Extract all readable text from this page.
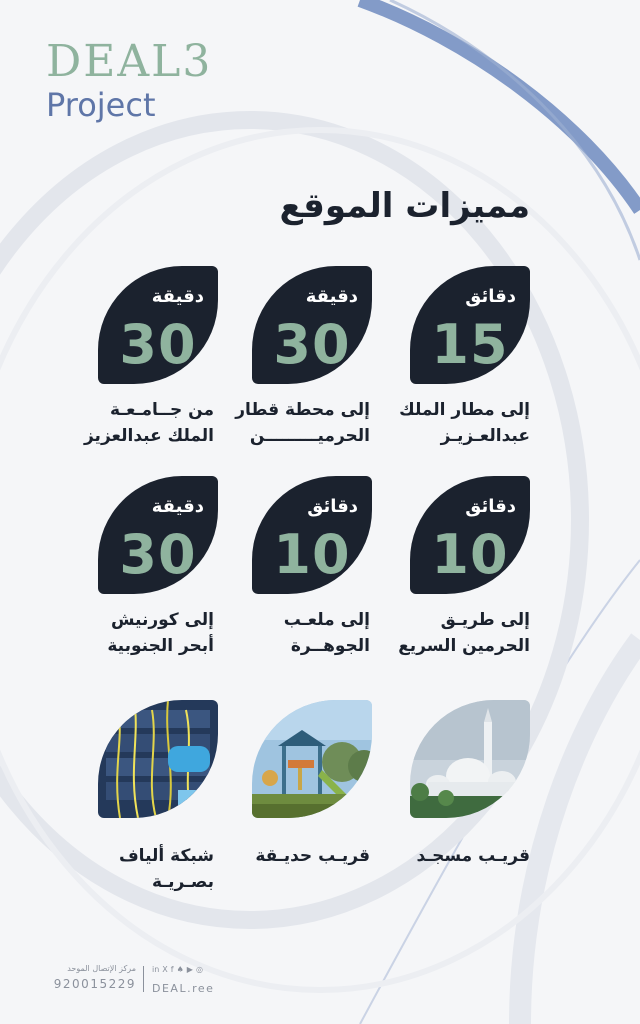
DEAL3
Project
مميزات الموقع
دقائق
15
إلى مطار الملك
عبدالعـزيـز
دقيقة
30
إلى محطة قطار
الحرميـــــــــن
دقيقة
30
من جــامـعـة
الملك عبدالعزيز
دقائق
10
إلى طريـق
الحرمين السريع
دقائق
10
إلى ملعـب
الجوهــرة
دقيقة
30
إلى كورنيش
أبحر الجنوبية
قريـب مسجـد
قريـب حديـقة
شبكة ألياف
بصـريـة
مركز الإتصال الموحد
920015229
in X f ♠ ▶ ◎
DEAL.ree
